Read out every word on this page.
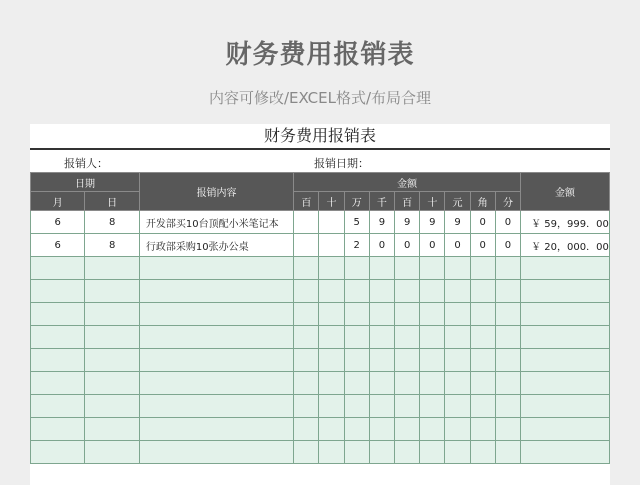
财务费用报销表
内容可修改/EXCEL格式/布局合理
财务费用报销表
报销人：	报销日期：
日期		报销内容	金额									金额
月	日		百	十	万	千	百	十	元	角	分	
6	8	开发部买10台顶配小米笔记本			5	9	9	9	9	0	0	￥ 59，999．00
6	8	行政部采购10张办公桌			2	0	0	0	0	0	0	￥ 20，000．00
